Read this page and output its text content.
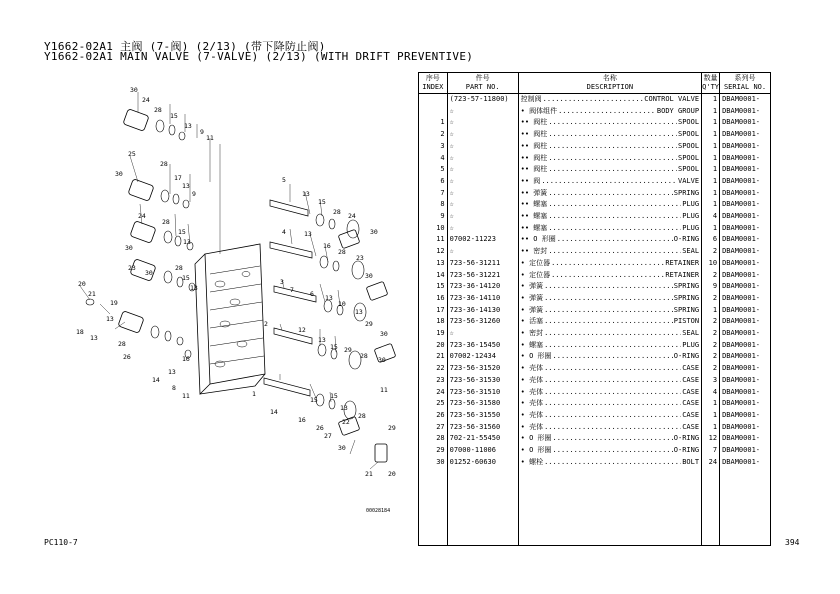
Y1662-02A1 主阀 (7-阀) (2/13) (带下降防止阀)
Y1662-02A1 MAIN VALVE (7-VALVE) (2/13) (WITH DRIFT PREVENTIVE)
30
24
28
15
13
9
11
25
30
28
17
13
9
24
28
15
13
30
23
30
28
15
13
20
21
19
18
13
13
28
26
14
16
13
8
11
5
13
15
28 24
30
4	13
16
28
23
30
3
7 6 13
10
13
29
30
2
12
13
15 29
28 30
1
14
16
26
27
30
15 15
13
22
28
29
21 20
11
00028184
序号	件号	名称	数量	系列号
INDEX	PART NO.	DESCRIPTION	Q'TY	SERIAL NO.
	(723-57-11800)	控制阀 ..... CONTROL VALVE	1	DBAM0001-
	☆	• 阀体组件 ..... BODY GROUP	1	DBAM0001-
1	☆	•• 阀柱 ..... SPOOL	1	DBAM0001-
2	☆	•• 阀柱 ..... SPOOL	1	DBAM0001-
3	☆	•• 阀柱 ..... SPOOL	1	DBAM0001-
4	☆	•• 阀柱 ..... SPOOL	1	DBAM0001-
5	☆	•• 阀柱 ..... SPOOL	1	DBAM0001-
6	☆	•• 阀 ..... VALVE	1	DBAM0001-
7	☆	•• 弹簧 ..... SPRING	1	DBAM0001-
8	☆	•• 螺塞 ..... PLUG	1	DBAM0001-
9	☆	•• 螺塞 ..... PLUG	4	DBAM0001-
10	☆	•• 螺塞 ..... PLUG	1	DBAM0001-
11	07002-11223	•• O 形圈 ..... O-RING	6	DBAM0001-
12	☆	•• 密封 ..... SEAL	2	DBAM0001-
13	723-56-31211	• 定位器 ..... RETAINER	10	DBAM0001-
14	723-56-31221	• 定位器 ..... RETAINER	2	DBAM0001-
15	723-36-14120	• 弹簧 ..... SPRING	9	DBAM0001-
16	723-36-14110	• 弹簧 ..... SPRING	2	DBAM0001-
17	723-36-14130	• 弹簧 ..... SPRING	1	DBAM0001-
18	723-56-31260	• 活塞 ..... PISTON	2	DBAM0001-
19	☆	• 密封 ..... SEAL	2	DBAM0001-
20	723-36-15450	• 螺塞 ..... PLUG	2	DBAM0001-
21	07002-12434	• O 形圈 ..... O-RING	2	DBAM0001-
22	723-56-31520	• 壳体 ..... CASE	2	DBAM0001-
23	723-56-31530	• 壳体 ..... CASE	3	DBAM0001-
24	723-56-31510	• 壳体 ..... CASE	4	DBAM0001-
25	723-56-31580	• 壳体 ..... CASE	1	DBAM0001-
26	723-56-31550	• 壳体 ..... CASE	1	DBAM0001-
27	723-56-31560	• 壳体 ..... CASE	1	DBAM0001-
28	702-21-55450	• O 形圈 ..... O-RING	12	DBAM0001-
29	07000-11006	• O 形圈 ..... O-RING	7	DBAM0001-
30	01252-60630	• 螺栓 ..... BOLT	24	DBAM0001-

PC110-7	394
